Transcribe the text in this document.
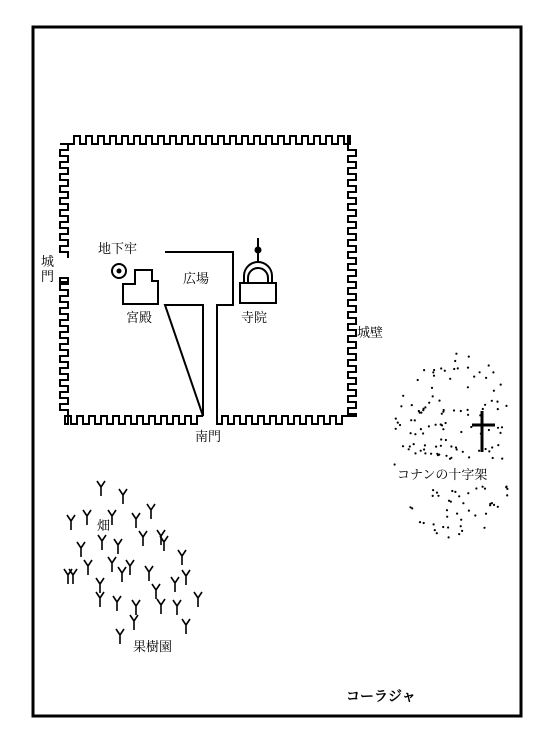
地下牢
城門	広場
宮殿	寺院
城壁
南門
コナンの十字架
畑
果樹園
コーラジャ
